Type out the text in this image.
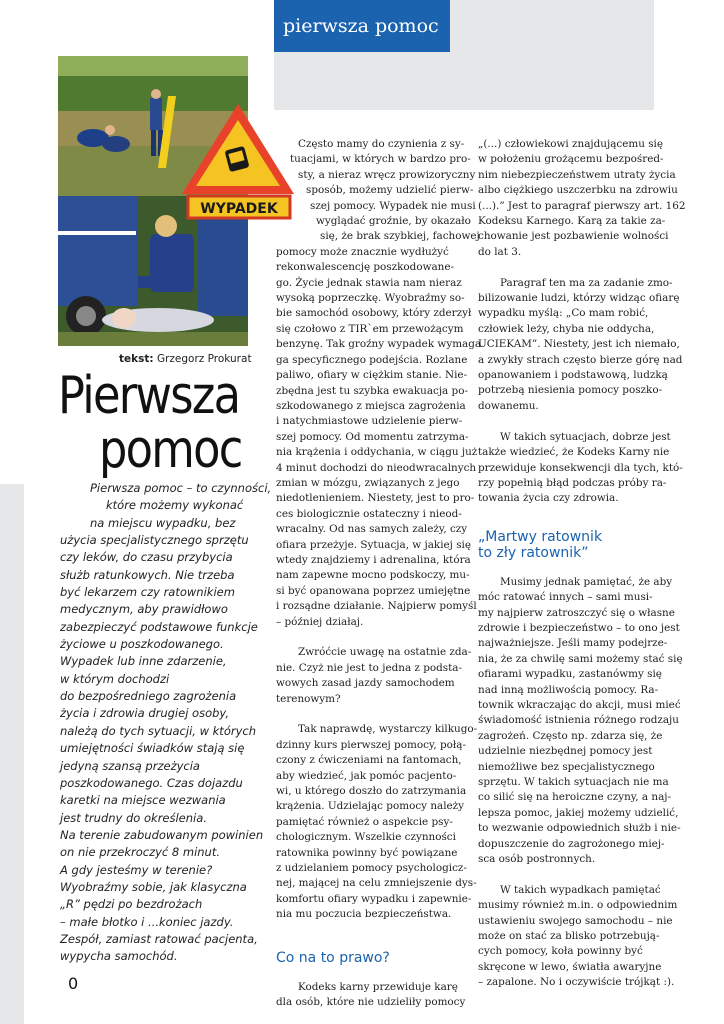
pierwsza pomoc
WYPADEK
tekst: Grzegorz Prokurat
Pierwsza
pomoc
Pierwsza pomoc – to czynności,
które możemy wykonać
na miejscu wypadku, bez
użycia specjalistycznego sprzętu
czy leków, do czasu przybycia
służb ratunkowych. Nie trzeba
być lekarzem czy ratownikiem
medycznym, aby prawidłowo
zabezpieczyć podstawowe funkcje
życiowe u poszkodowanego.
Wypadek lub inne zdarzenie,
w którym dochodzi
do bezpośredniego zagrożenia
życia i zdrowia drugiej osoby,
należą do tych sytuacji, w których
umiejętności świadków stają się
jedyną szansą przeżycia
poszkodowanego. Czas dojazdu
karetki na miejsce wezwania
jest trudny do określenia.
Na terenie zabudowanym powinien
on nie przekroczyć 8 minut.
A gdy jesteśmy w terenie?
Wyobraźmy sobie, jak klasyczna
„R” pędzi po bezdrożach
– małe błotko i ...koniec jazdy.
Zespół, zamiast ratować pacjenta,
wypycha samochód.
Często mamy do czynienia z sy-
tuacjami, w których w bardzo pro-
sty, a nieraz wręcz prowizoryczny
sposób, możemy udzielić pierw-
szej pomocy. Wypadek nie musi
wyglądać groźnie, by okazało
się, że brak szybkiej, fachowej
pomocy może znacznie wydłużyć
rekonwalescencję poszkodowane-
go. Życie jednak stawia nam nieraz
wysoką poprzeczkę. Wyobraźmy so-
bie samochód osobowy, który zderzył
się czołowo z TIR`em przewożącym
benzynę. Tak groźny wypadek wymaga
ga specyficznego podejścia. Rozlane
paliwo, ofiary w ciężkim stanie. Nie-
zbędna jest tu szybka ewakuacja po-
szkodowanego z miejsca zagrożenia
i natychmiastowe udzielenie pierw-
szej pomocy. Od momentu zatrzyma-
nia krążenia i oddychania, w ciągu już
4 minut dochodzi do nieodwracalnych
zmian w mózgu, związanych z jego
niedotlenieniem. Niestety, jest to pro-
ces biologicznie ostateczny i nieod-
wracalny. Od nas samych zależy, czy
ofiara przeżyje. Sytuacja, w jakiej się
wtedy znajdziemy i adrenalina, która
nam zapewne mocno podskoczy, mu-
si być opanowana poprzez umiejętne
i rozsądne działanie. Najpierw pomyśl
– później działaj.
Zwróćcie uwagę na ostatnie zda-
nie. Czyż nie jest to jedna z podsta-
wowych zasad jazdy samochodem
terenowym?
Tak naprawdę, wystarczy kilkugo-
dzinny kurs pierwszej pomocy, połą-
czony z ćwiczeniami na fantomach,
aby wiedzieć, jak pomóc pacjento-
wi, u którego doszło do zatrzymania
krążenia. Udzielając pomocy należy
pamiętać również o aspekcie psy-
chologicznym. Wszelkie czynności
ratownika powinny być powiązane
z udzielaniem pomocy psychologicz-
nej, mającej na celu zmniejszenie dys-
komfortu ofiary wypadku i zapewnie-
nia mu poczucia bezpieczeństwa.
Co na to prawo?
Kodeks karny przewiduje karę
dla osób, które nie udzieliły pomocy
„(...) człowiekowi znajdującemu się
w położeniu grożącemu bezpośred-
nim niebezpieczeństwem utraty życia
albo ciężkiego uszczerbku na zdrowiu
(...).” Jest to paragraf pierwszy art. 162
Kodeksu Karnego. Karą za takie za-
chowanie jest pozbawienie wolności
do lat 3.
Paragraf ten ma za zadanie zmo-
bilizowanie ludzi, którzy widząc ofiarę
wypadku myślą: „Co mam robić,
człowiek leży, chyba nie oddycha,
UCIEKAM”. Niestety, jest ich niemało,
a zwykły strach często bierze górę nad
opanowaniem i podstawową, ludzką
potrzebą niesienia pomocy poszko-
dowanemu.
W takich sytuacjach, dobrze jest
także wiedzieć, że Kodeks Karny nie
przewiduje konsekwencji dla tych, któ-
rzy popełnią błąd podczas próby ra-
towania życia czy zdrowia.
„Martwy ratownik
to zły ratownik”
Musimy jednak pamiętać, że aby
móc ratować innych – sami musi-
my najpierw zatroszczyć się o własne
zdrowie i bezpieczeństwo – to ono jest
najważniejsze. Jeśli mamy podejrze-
nia, że za chwilę sami możemy stać się
ofiarami wypadku, zastanówmy się
nad inną możliwością pomocy. Ra-
townik wkraczając do akcji, musi mieć
świadomość istnienia różnego rodzaju
zagrożeń. Często np. zdarza się, że
udzielnie niezbędnej pomocy jest
niemożliwe bez specjalistycznego
sprzętu. W takich sytuacjach nie ma
co silić się na heroiczne czyny, a naj-
lepsza pomoc, jakiej możemy udzielić,
to wezwanie odpowiednich służb i nie-
dopuszczenie do zagrożonego miej-
sca osób postronnych.
W takich wypadkach pamiętać
musimy również m.in. o odpowiednim
ustawieniu swojego samochodu – nie
może on stać za blisko potrzebują-
cych pomocy, koła powinny być
skręcone w lewo, światła awaryjne
– zapalone. No i oczywiście trójkąt :).
0
